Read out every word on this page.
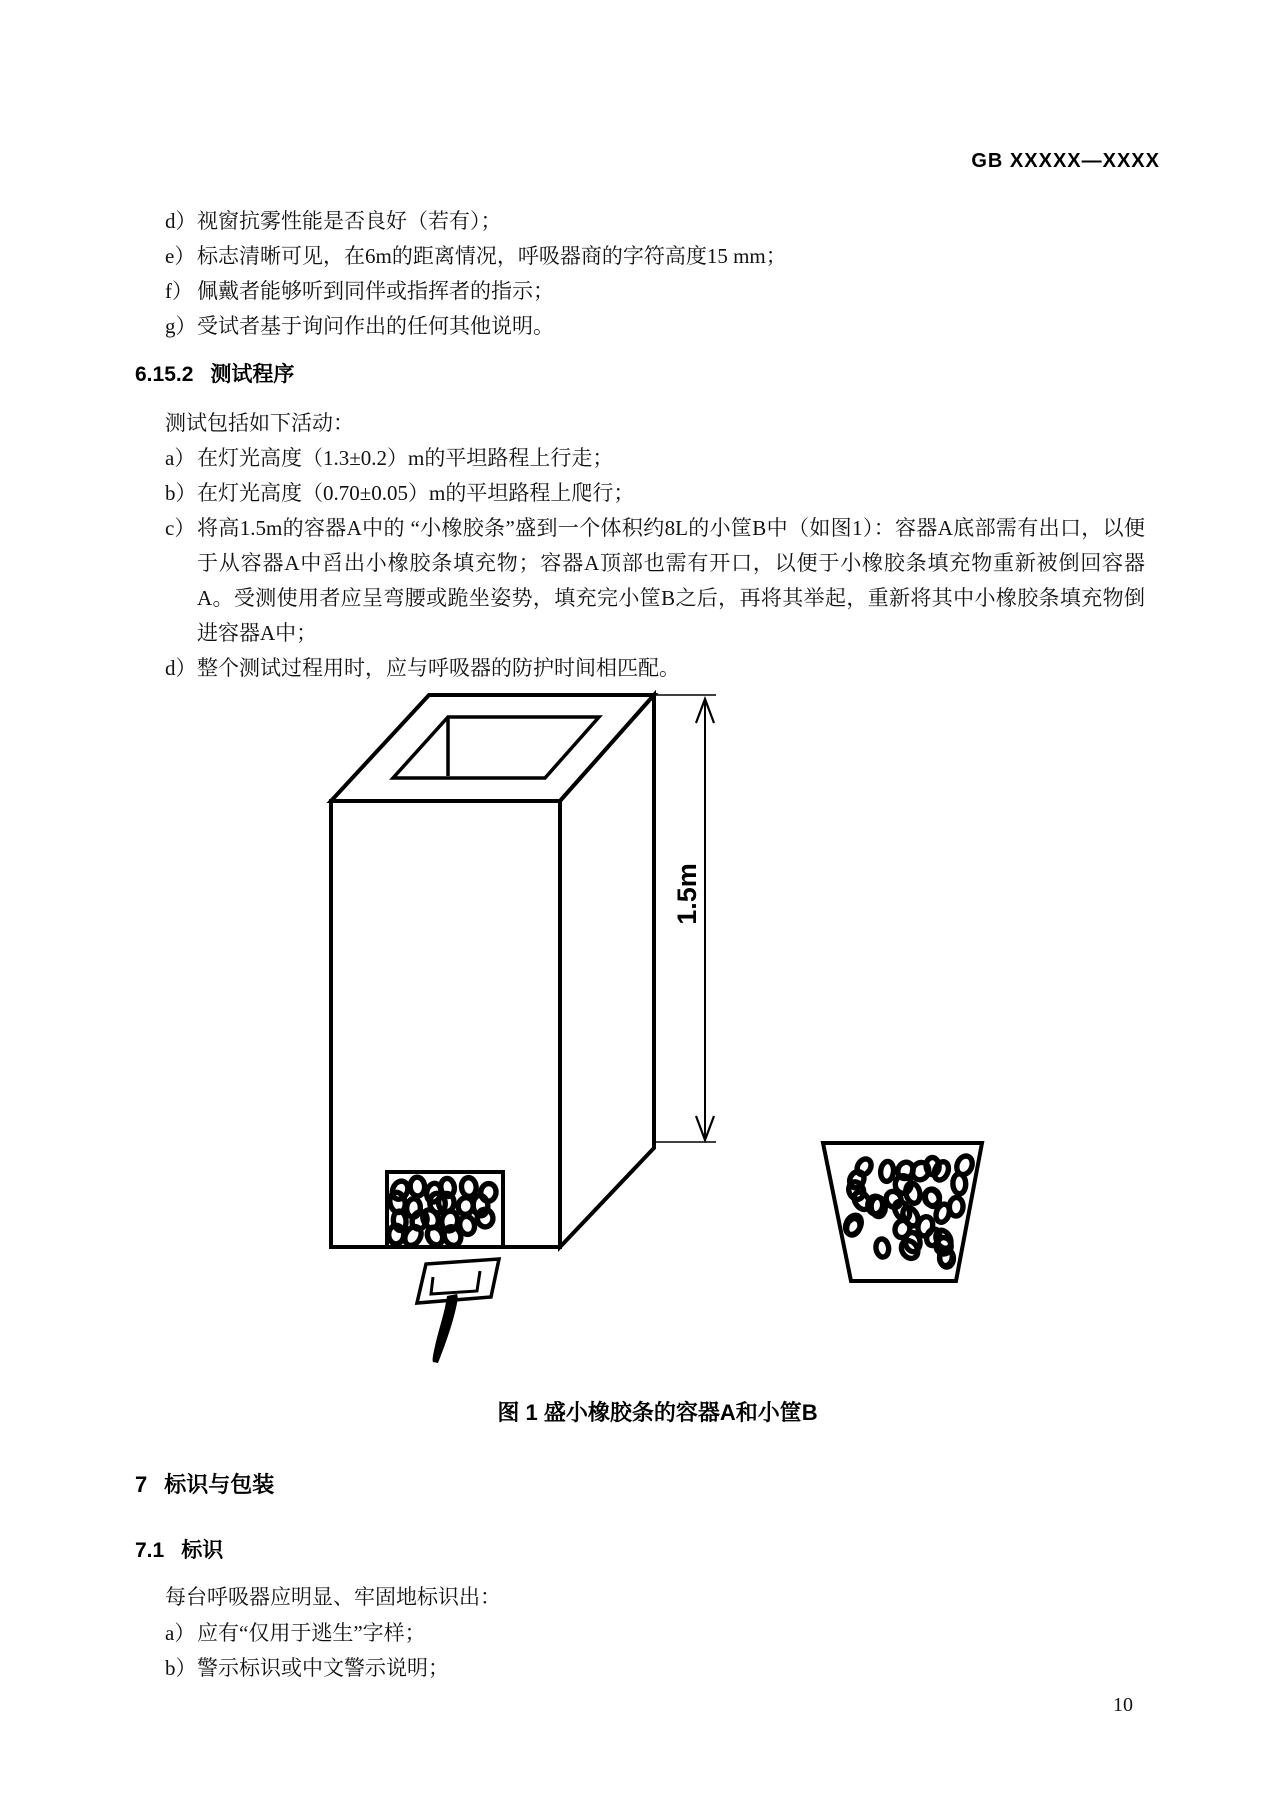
GB XXXXX—XXXX
d）视窗抗雾性能是否良好（若有）；
e）标志清晰可见，在6m的距离情况，呼吸器商的字符高度15 mm；
f） 佩戴者能够听到同伴或指挥者的指示；
g）受试者基于询问作出的任何其他说明。
6.15.2 测试程序
测试包括如下活动：
a）在灯光高度（1.3±0.2）m的平坦路程上行走；
b）在灯光高度（0.70±0.05）m的平坦路程上爬行；
c）将高1.5m的容器A中的 “小橡胶条”盛到一个体积约8L的小筐B中（如图1）：容器A底部需有出口，以便于从容器A中舀出小橡胶条填充物；容器A顶部也需有开口，以便于小橡胶条填充物重新被倒回容器A。受测使用者应呈弯腰或跪坐姿势，填充完小筐B之后，再将其举起，重新将其中小橡胶条填充物倒进容器A中；
d）整个测试过程用时，应与呼吸器的防护时间相匹配。
1.5m
图 1 盛小橡胶条的容器A和小筐B
7 标识与包装
7.1 标识
每台呼吸器应明显、牢固地标识出：
a）应有“仅用于逃生”字样；
b）警示标识或中文警示说明；
10
